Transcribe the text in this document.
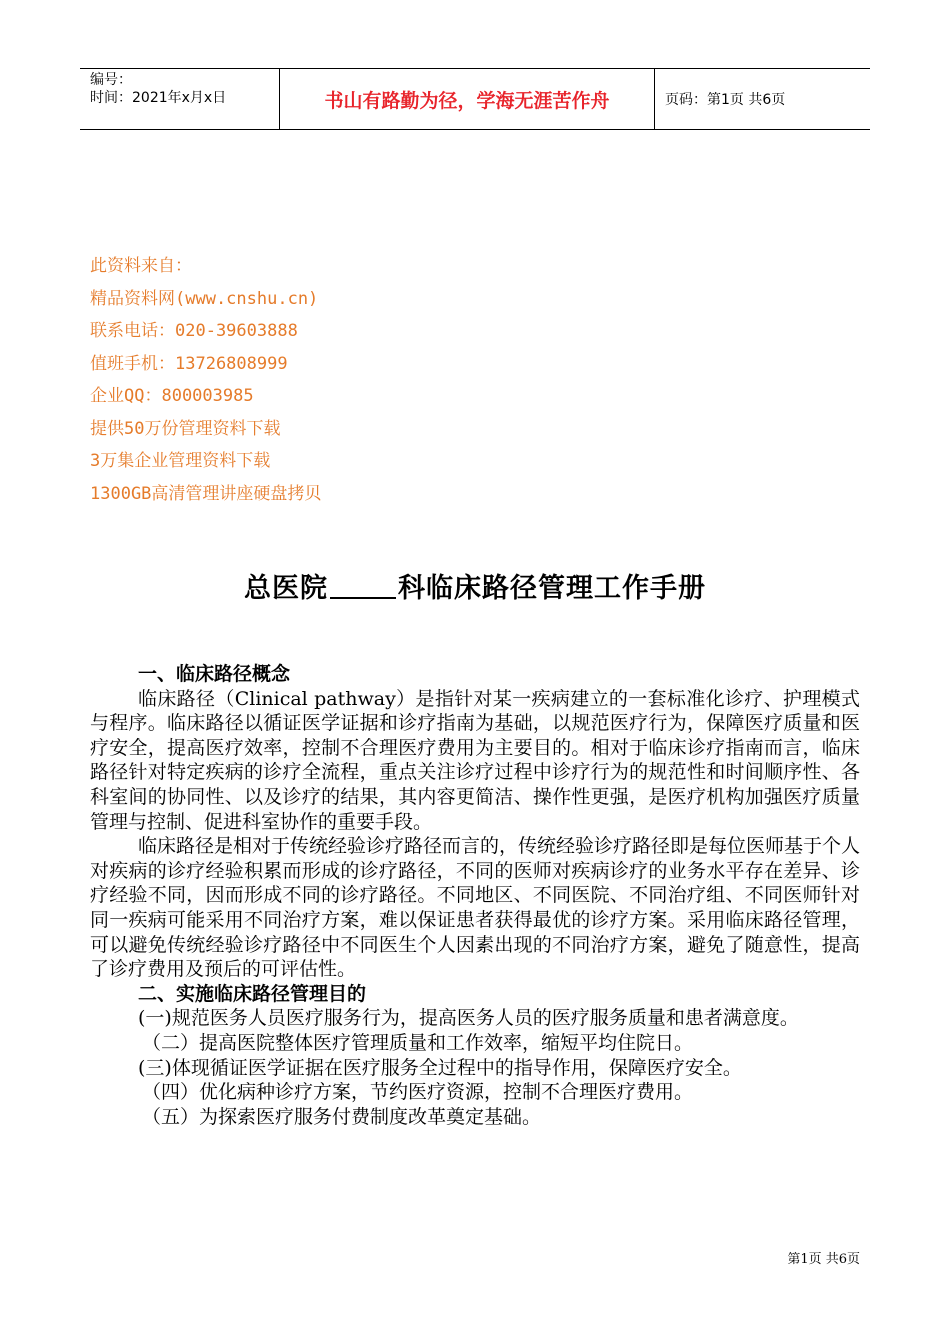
编号：
时间：2021年x月x日	书山有路勤为径，学海无涯苦作舟	页码：第1页 共6页
此资料来自：
精品资料网(www.cnshu.cn)
联系电话：020-39603888
值班手机：13726808999
企业QQ：800003985
提供50万份管理资料下载
3万集企业管理资料下载
1300GB高清管理讲座硬盘拷贝
总医院	科临床路径管理工作手册

一、临床路径概念

临床路径（Clinical pathway）是指针对某一疾病建立的一套标准化诊疗、护理模式与程序。临床路径以循证医学证据和诊疗指南为基础，以规范医疗行为，保障医疗质量和医疗安全，提高医疗效率，控制不合理医疗费用为主要目的。相对于临床诊疗指南而言，临床路径针对特定疾病的诊疗全流程，重点关注诊疗过程中诊疗行为的规范性和时间顺序性、各科室间的协同性、以及诊疗的结果，其内容更简洁、操作性更强，是医疗机构加强医疗质量管理与控制、促进科室协作的重要手段。

临床路径是相对于传统经验诊疗路径而言的，传统经验诊疗路径即是每位医师基于个人对疾病的诊疗经验积累而形成的诊疗路径，不同的医师对疾病诊疗的业务水平存在差异、诊疗经验不同，因而形成不同的诊疗路径。不同地区、不同医院、不同治疗组、不同医师针对同一疾病可能采用不同治疗方案，难以保证患者获得最优的诊疗方案。采用临床路径管理，可以避免传统经验诊疗路径中不同医生个人因素出现的不同治疗方案，避免了随意性，提高了诊疗费用及预后的可评估性。

二、实施临床路径管理目的

(一)规范医务人员医疗服务行为，提高医务人员的医疗服务质量和患者满意度。

（二）提高医院整体医疗管理质量和工作效率，缩短平均住院日。

(三)体现循证医学证据在医疗服务全过程中的指导作用，保障医疗安全。

（四）优化病种诊疗方案，节约医疗资源，控制不合理医疗费用。

（五）为探索医疗服务付费制度改革奠定基础。

第1页 共6页
